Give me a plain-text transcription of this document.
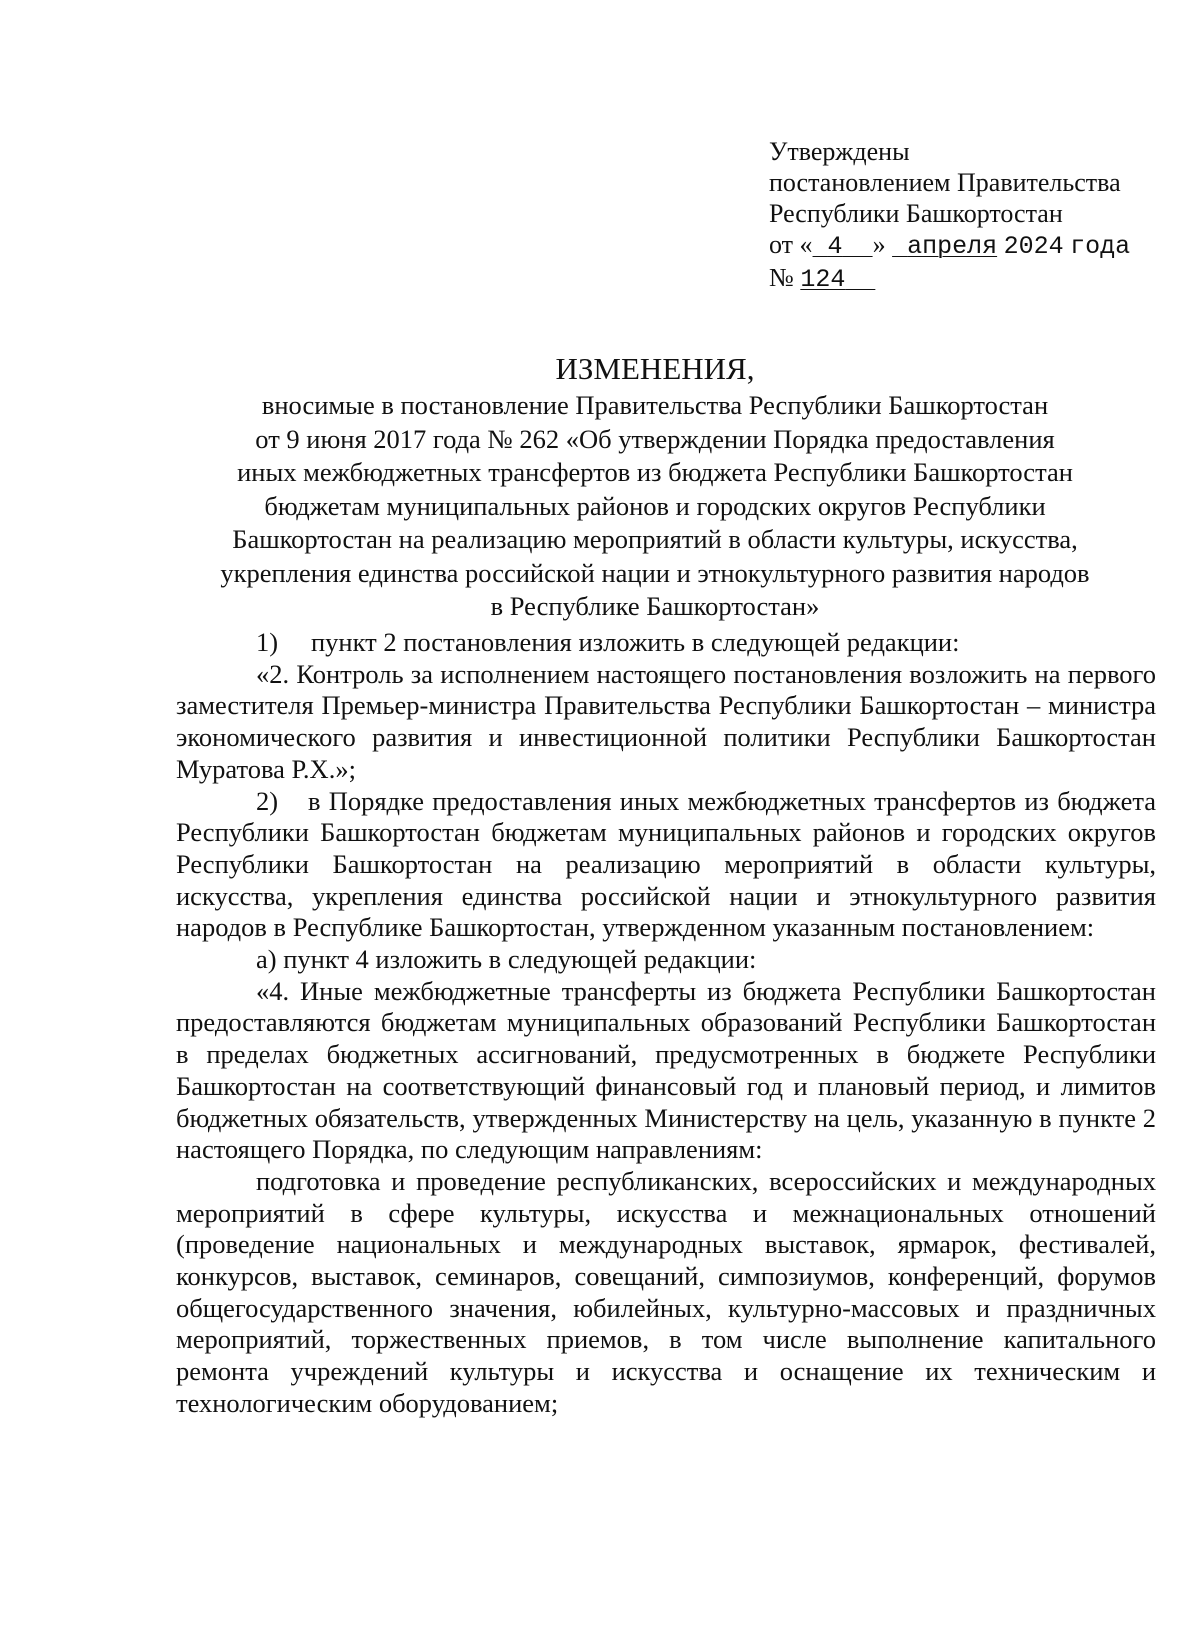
Утверждены
постановлением Правительства
Республики Башкортостан
от « 4 » апреля 2024 года
№ 124
ИЗМЕНЕНИЯ,
вносимые в постановление Правительства Республики Башкортостан
от 9 июня 2017 года № 262 «Об утверждении Порядка предоставления
иных межбюджетных трансфертов из бюджета Республики Башкортостан
бюджетам муниципальных районов и городских округов Республики
Башкортостан на реализацию мероприятий в области культуры, искусства,
укрепления единства российской нации и этнокультурного развития народов
в Республике Башкортостан»

1) пункт 2 постановления изложить в следующей редакции:

«2. Контроль за исполнением настоящего постановления возложить на первого заместителя Премьер-министра Правительства Республики Башкортостан – министра экономического развития и инвестиционной политики Республики Башкортостан Муратова Р.Х.»;

2) в Порядке предоставления иных межбюджетных трансфертов из бюджета Республики Башкортостан бюджетам муниципальных районов и городских округов Республики Башкортостан на реализацию мероприятий в области культуры, искусства, укрепления единства российской нации и этнокультурного развития народов в Республике Башкортостан, утвержденном указанным постановлением:

а) пункт 4 изложить в следующей редакции:

«4. Иные межбюджетные трансферты из бюджета Республики Башкортостан предоставляются бюджетам муниципальных образований Республики Башкортостан в пределах бюджетных ассигнований, предусмотренных в бюджете Республики Башкортостан на соответствующий финансовый год и плановый период, и лимитов бюджетных обязательств, утвержденных Министерству на цель, указанную в пункте 2 настоящего Порядка, по следующим направлениям:

подготовка и проведение республиканских, всероссийских и международных мероприятий в сфере культуры, искусства и межнациональных отношений (проведение национальных и международных выставок, ярмарок, фестивалей, конкурсов, выставок, семинаров, совещаний, симпозиумов, конференций, форумов общегосударственного значения, юбилейных, культурно-массовых и праздничных мероприятий, торжественных приемов, в том числе выполнение капитального ремонта учреждений культуры и искусства и оснащение их техническим и технологическим оборудованием;
